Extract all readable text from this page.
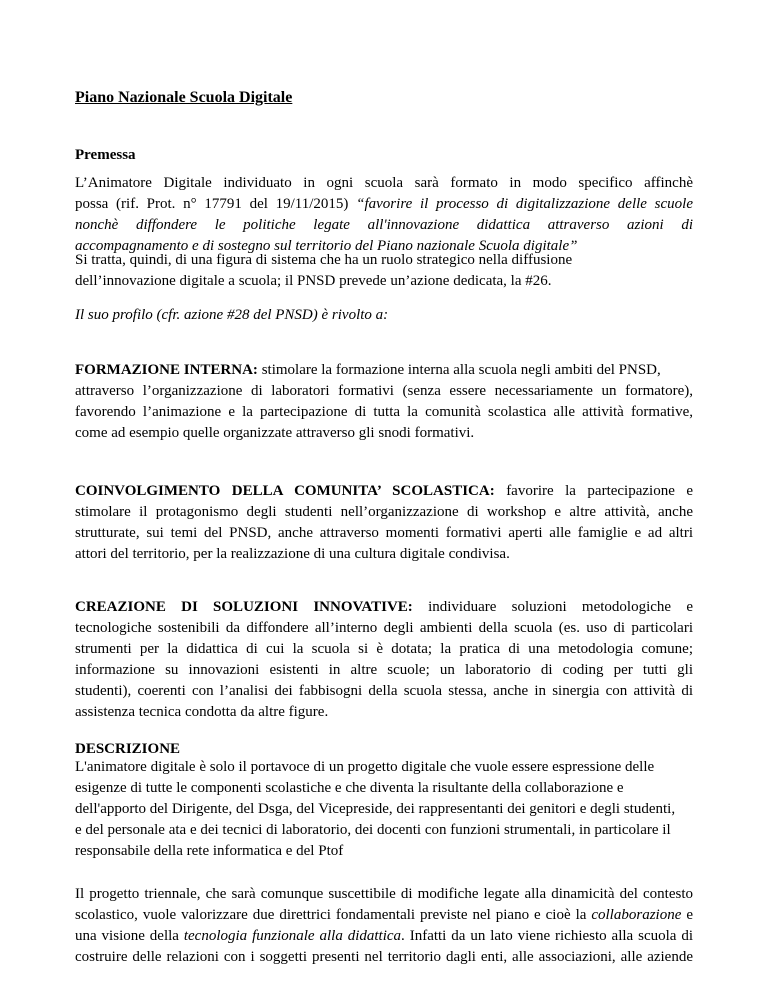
Piano Nazionale Scuola Digitale

Premessa

L’Animatore Digitale individuato in ogni scuola sarà formato in modo specifico affinchè
possa (rif. Prot. n° 17791 del 19/11/2015) “favorire il processo di digitalizzazione delle scuole
nonchè diffondere le politiche legate all'innovazione didattica attraverso azioni di
accompagnamento e di sostegno sul territorio del Piano nazionale Scuola digitale”

Si tratta, quindi, di una figura di sistema che ha un ruolo strategico nella diffusione
dell’innovazione digitale a scuola; il PNSD prevede un’azione dedicata, la #26.

Il suo profilo (cfr. azione #28 del PNSD) è rivolto a:

FORMAZIONE INTERNA: stimolare la formazione interna alla scuola negli ambiti del PNSD,
attraverso l’organizzazione di laboratori formativi (senza essere necessariamente un formatore),
favorendo l’animazione e la partecipazione di tutta la comunità scolastica alle attività formative,
come ad esempio quelle organizzate attraverso gli snodi formativi.

COINVOLGIMENTO DELLA COMUNITA’ SCOLASTICA: favorire la partecipazione e
stimolare il protagonismo degli studenti nell’organizzazione di workshop e altre attività, anche
strutturate, sui temi del PNSD, anche attraverso momenti formativi aperti alle famiglie e ad altri
attori del territorio, per la realizzazione di una cultura digitale condivisa.

CREAZIONE DI SOLUZIONI INNOVATIVE: individuare soluzioni metodologiche e
tecnologiche sostenibili da diffondere all’interno degli ambienti della scuola (es. uso di particolari
strumenti per la didattica di cui la scuola si è dotata; la pratica di una metodologia comune;
informazione su innovazioni esistenti in altre scuole; un laboratorio di coding per tutti gli
studenti), coerenti con l’analisi dei fabbisogni della scuola stessa, anche in sinergia con attività di
assistenza tecnica condotta da altre figure.

DESCRIZIONE

L'animatore digitale è solo il portavoce di un progetto digitale che vuole essere espressione delle
esigenze di tutte le componenti scolastiche e che diventa la risultante della collaborazione e
dell'apporto del Dirigente, del Dsga, del Vicepreside, dei rappresentanti dei genitori e degli studenti,
e del personale ata e dei tecnici di laboratorio, dei docenti con funzioni strumentali, in particolare il
responsabile della rete informatica e del Ptof

Il progetto triennale, che sarà comunque suscettibile di modifiche legate alla dinamicità del contesto
scolastico, vuole valorizzare due direttrici fondamentali previste nel piano e cioè la collaborazione e
una visione della tecnologia funzionale alla didattica. Infatti da un lato viene richiesto alla scuola di
costruire delle relazioni con i soggetti presenti nel territorio dagli enti, alle associazioni, alle aziende
